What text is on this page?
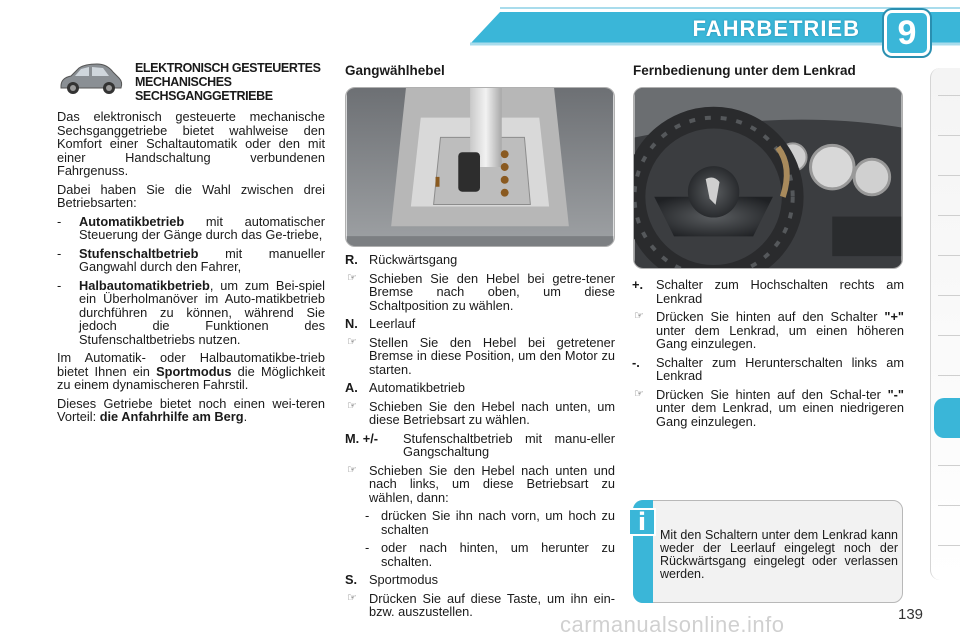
FAHRBETRIEB	9
ELEKTRONISCH GESTEUERTES
MECHANISCHES
SECHSGANGGETRIEBE

Das elektronisch gesteuerte mechanische Sechsganggetriebe bietet wahlweise den Komfort einer Schaltautomatik oder den mit einer Handschaltung verbundenen Fahrgenuss.

Dabei haben Sie die Wahl zwischen drei Betriebsarten:

-	Automatikbetrieb mit automatischer Steuerung der Gänge durch das Ge-triebe,
-	Stufenschaltbetrieb mit manueller Gangwahl durch den Fahrer,
-	Halbautomatikbetrieb, um zum Bei-spiel ein Überholmanöver im Auto-matikbetrieb durchführen zu können, während Sie jedoch die Funktionen des Stufenschaltbetriebs nutzen.

Im Automatik- oder Halbautomatikbe-trieb bietet Ihnen ein Sportmodus die Möglichkeit zu einem dynamischeren Fahrstil.

Dieses Getriebe bietet noch einen wei-teren Vorteil: die Anfahrhilfe am Berg.

Gangwählhebel
R. Rückwärtsgang
☞ Schieben Sie den Hebel bei getre-tener Bremse nach oben, um diese Schaltposition zu wählen.
N. Leerlauf
☞ Stellen Sie den Hebel bei getretener Bremse in diese Position, um den Motor zu starten.
A. Automatikbetrieb
☞ Schieben Sie den Hebel nach unten, um diese Betriebsart zu wählen.
M. +/-	Stufenschaltbetrieb mit manu-eller Gangschaltung
☞ Schieben Sie den Hebel nach unten und nach links, um diese Betriebsart zu wählen, dann:
- drücken Sie ihn nach vorn, um hoch zu schalten
- oder nach hinten, um herunter zu schalten.
S. Sportmodus
☞ Drücken Sie auf diese Taste, um ihn ein- bzw. auszustellen.
Fernbedienung unter dem Lenkrad
+.	Schalter zum Hochschalten rechts am Lenkrad
☞ Drücken Sie hinten auf den Schalter "+" unter dem Lenkrad, um einen höheren Gang einzulegen.
-.	Schalter zum Herunterschalten links am Lenkrad
☞ Drücken Sie hinten auf den Schal-ter "-" unter dem Lenkrad, um einen niedrigeren Gang einzulegen.
i	Mit den Schaltern unter dem Lenkrad kann weder der Leerlauf eingelegt noch der Rückwärtsgang eingelegt oder verlassen werden.
139
carmanualsonline.info
